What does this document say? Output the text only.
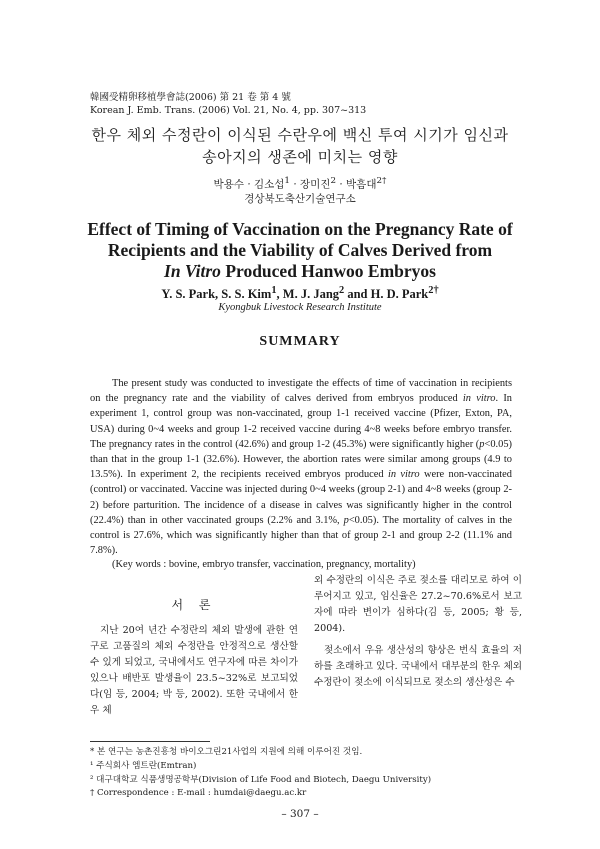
韓國受精卵移植學會誌(2006) 第 21 卷 第 4 號
Korean J. Emb. Trans. (2006) Vol. 21, No. 4, pp. 307~313
한우 체외 수정란이 이식된 수란우에 백신 투여 시기가 임신과
송아지의 생존에 미치는 영향
박용수 · 김소섭$^1$ · 장미진$^2$ · 박흠대$^{2\dagger}$
경상북도축산기술연구소
Effect of Timing of Vaccination on the Pregnancy Rate of
Recipients and the Viability of Calves Derived from
In Vitro Produced Hanwoo Embryos
Y. S. Park, S. S. Kim$^1$, M. J. Jang$^2$ and H. D. Park$^{2\dagger}$
Kyongbuk Livestock Research Institute
SUMMARY

The present study was conducted to investigate the effects of time of vaccination in recipients on the pregnancy rate and the viability of calves derived from embryos produced in vitro. In experiment 1, control group was non-vaccinated, group 1-1 received vaccine (Pfizer, Exton, PA, USA) during 0~4 weeks and group 1-2 received vaccine during 4~8 weeks before embryo transfer. The pregnancy rates in the control (42.6%) and group 1-2 (45.3%) were significantly higher (p<0.05) than that in the group 1-1 (32.6%). However, the abortion rates were similar among groups (4.9 to 13.5%). In experiment 2, the recipients received embryos produced in vitro were non-vaccinated (control) or vaccinated. Vaccine was injected during 0~4 weeks (group 2-1) and 4~8 weeks (group 2-2) before parturition. The incidence of a disease in calves was significantly higher in the control (22.4%) than in other vaccinated groups (2.2% and 3.1%, p<0.05). The mortality of calves in the control is 27.6%, which was significantly higher than that of group 2-1 and group 2-2 (11.1% and 7.8%).

(Key words : bovine, embryo transfer, vaccination, pregnancy, mortality)
서 론

지난 20여 년간 수정란의 체외 발생에 관한 연구로 고품질의 체외 수정란을 안정적으로 생산할 수 있게 되었고, 국내에서도 연구자에 따른 차이가 있으나 배반포 발생율이 23.5~32%로 보고되었다(임 등, 2004; 박 등, 2002). 또한 국내에서 한우 체

외 수정란의 이식은 주로 젖소를 대리모로 하여 이루어지고 있고, 임신율은 27.2~70.6%로서 보고자에 따라 변이가 심하다(김 등, 2005; 황 등, 2004).

젖소에서 우유 생산성의 향상은 번식 효율의 저하를 초래하고 있다. 국내에서 대부분의 한우 체외 수정란이 젖소에 이식되므로 젖소의 생산성은 수

* 본 연구는 농촌진흥청 바이오그린21사업의 지원에 의해 이루어진 것임.
¹ 주식회사 엠트란(Emtran)
² 대구대학교 식품생명공학부(Division of Life Food and Biotech, Daegu University)
† Correspondence : E-mail : humdai@daegu.ac.kr
– 307 –
